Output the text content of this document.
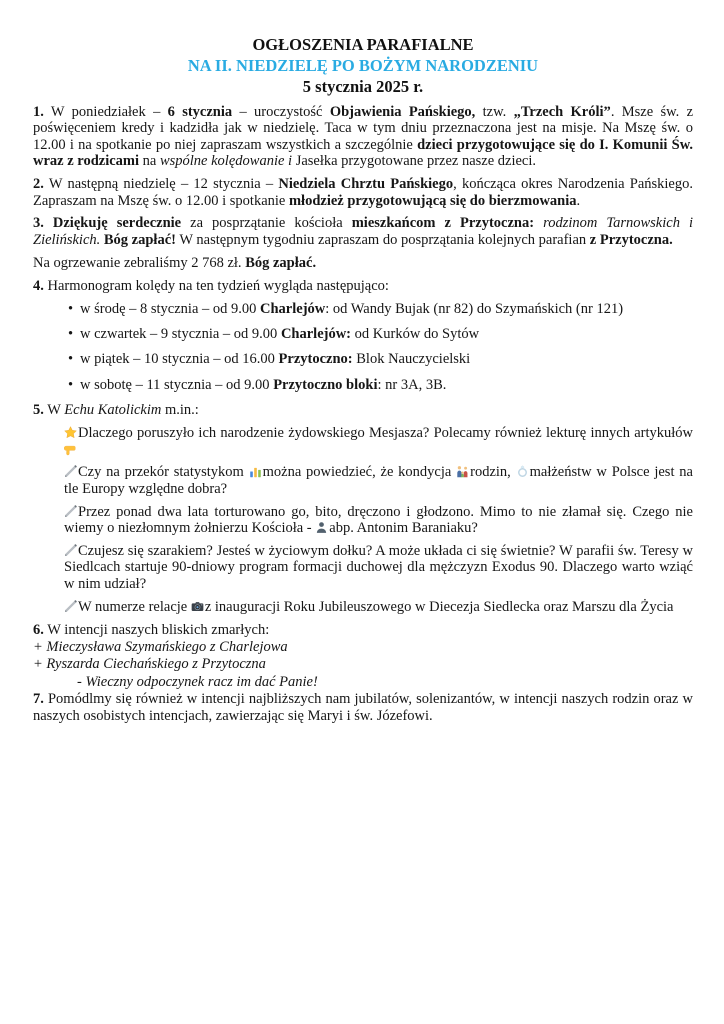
OGŁOSZENIA PARAFIALNE
NA II. NIEDZIELĘ PO BOŻYM NARODZENIU
5 stycznia 2025 r.
1. W poniedziałek – 6 stycznia – uroczystość Objawienia Pańskiego, tzw. „Trzech Króli”. Msze św. z poświęceniem kredy i kadzidła jak w niedzielę. Taca w tym dniu przeznaczona jest na misje. Na Mszę św. o 12.00 i na spotkanie po niej zapraszam wszystkich a szczególnie dzieci przygotowujące się do I. Komunii Św. wraz z rodzicami na wspólne kolędowanie i Jasełka przygotowane przez nasze dzieci.
2. W następną niedzielę – 12 stycznia – Niedziela Chrztu Pańskiego, kończąca okres Narodzenia Pańskiego. Zapraszam na Mszę św. o 12.00 i spotkanie młodzież przygotowującą się do bierzmowania.
3. Dziękuję serdecznie za posprzątanie kościoła mieszkańcom z Przytoczna: rodzinom Tarnowskich i Zielińskich. Bóg zapłać! W następnym tygodniu zapraszam do posprzątania kolejnych parafian z Przytoczna.
Na ogrzewanie zebraliśmy 2 768 zł. Bóg zapłać.
4. Harmonogram kolędy na ten tydzień wygląda następująco:
• w środę – 8 stycznia – od 9.00 Charlejów: od Wandy Bujak (nr 82) do Szymańskich (nr 121)
• w czwartek – 9 stycznia – od 9.00 Charlejów: od Kurków do Sytów
• w piątek – 10 stycznia – od 16.00 Przytoczno: Blok Nauczycielski
• w sobotę – 11 stycznia – od 9.00 Przytoczno bloki: nr 3A, 3B.
5. W Echu Katolickim m.in.:
Dlaczego poruszyło ich narodzenie żydowskiego Mesjasza? Polecamy również lekturę innych artykułów
Czy na przekór statystykom
można powiedzieć, że kondycja
rodzin,
małżeństw w Polsce jest na tle Europy względne dobra?
Przez ponad dwa lata torturowano go, bito, dręczono i głodzono. Mimo to nie złamał się. Czego nie wiemy o niezłomnym żołnierzu Kościoła -
abp. Antonim Baraniaku?
Czujesz się szarakiem? Jesteś w życiowym dołku? A może układa ci się świetnie? W parafii św. Teresy w Siedlcach startuje 90-dniowy program formacji duchowej dla mężczyzn Exodus 90. Dlaczego warto wziąć w nim udział?
W numerze relacje
z inauguracji Roku Jubileuszowego w Diecezja Siedlecka oraz Marszu dla Życia
6. W intencji naszych bliskich zmarłych:
+ Mieczysława Szymańskiego z Charlejowa
+ Ryszarda Ciechańskiego z Przytoczna
- Wieczny odpoczynek racz im dać Panie!
7. Pomódlmy się również w intencji najbliższych nam jubilatów, solenizantów, w intencji naszych rodzin oraz w naszych osobistych intencjach, zawierzając się Maryi i św. Józefowi.
